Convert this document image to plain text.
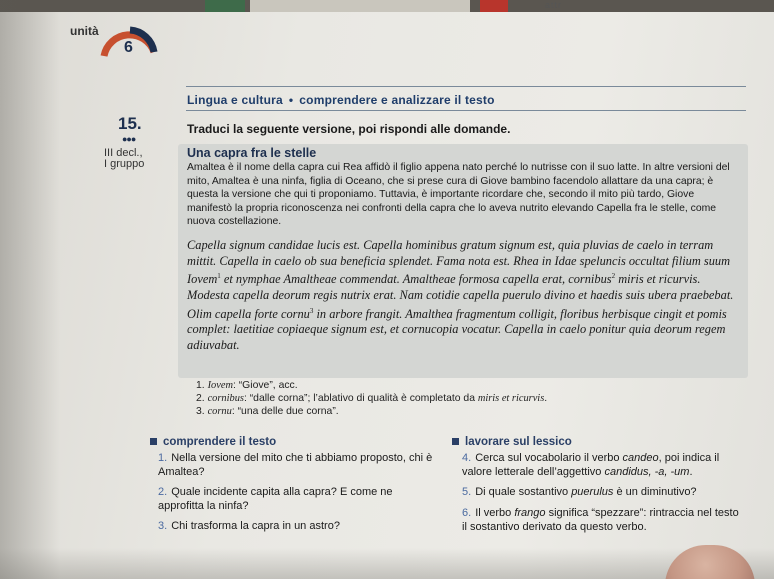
attr
unità
6
Lingua e cultura • comprendere e analizzare il testo
15.
●●●
III decl.,
I gruppo
Traduci la seguente versione, poi rispondi alle domande.
Una capra fra le stelle
Amaltea è il nome della capra cui Rea affidò il figlio appena nato perché lo nutrisse con il suo latte. In altre versioni del mito, Amaltea è una ninfa, figlia di Oceano, che si prese cura di Giove bambino facendolo allattare da una capra; è questa la versione che qui ti proponiamo. Tuttavia, è importante ricordare che, secondo il mito più tardo, Giove manifestò la propria riconoscenza nei confronti della capra che lo aveva nutrito elevando Capella fra le stelle, come nuova costellazione.
Capella signum candidae lucis est. Capella hominibus gratum signum est, quia pluvias de caelo in terram mittit. Capella in caelo ob sua beneficia splendet. Fama nota est. Rhea in Idae speluncis occultat filium suum Iovem$^1$ et nymphae Amaltheae commendat. Amaltheae formosa capella erat, cornibus$^2$ miris et ricurvis. Modesta capella deorum regis nutrix erat. Nam cotidie capella puerulo divino et haedis suis ubera praebebat. Olim capella forte cornu$^3$ in arbore frangit. Amalthea fragmentum colligit, floribus herbisque cingit et pomis complet: laetitiae copiaeque signum est, et cornucopia vocatur. Capella in caelo ponitur quia deorum regem adiuvabat.
1. Iovem: “Giove”, acc.
2. cornibus: “dalle corna”; l’ablativo di qualità è completato da miris et ricurvis.
3. cornu: “una delle due corna”.
comprendere il testo
1. Nella versione del mito che ti abbiamo proposto, chi è Amaltea?
2. Quale incidente capita alla capra? E come ne approfitta la ninfa?
3. Chi trasforma la capra in un astro?
lavorare sul lessico
4. Cerca sul vocabolario il verbo candeo, poi indica il valore letterale dell’aggettivo candidus, -a, -um.
5. Di quale sostantivo puerulus è un diminutivo?
6. Il verbo frango significa “spezzare”: rintraccia nel testo il sostantivo derivato da questo verbo.
